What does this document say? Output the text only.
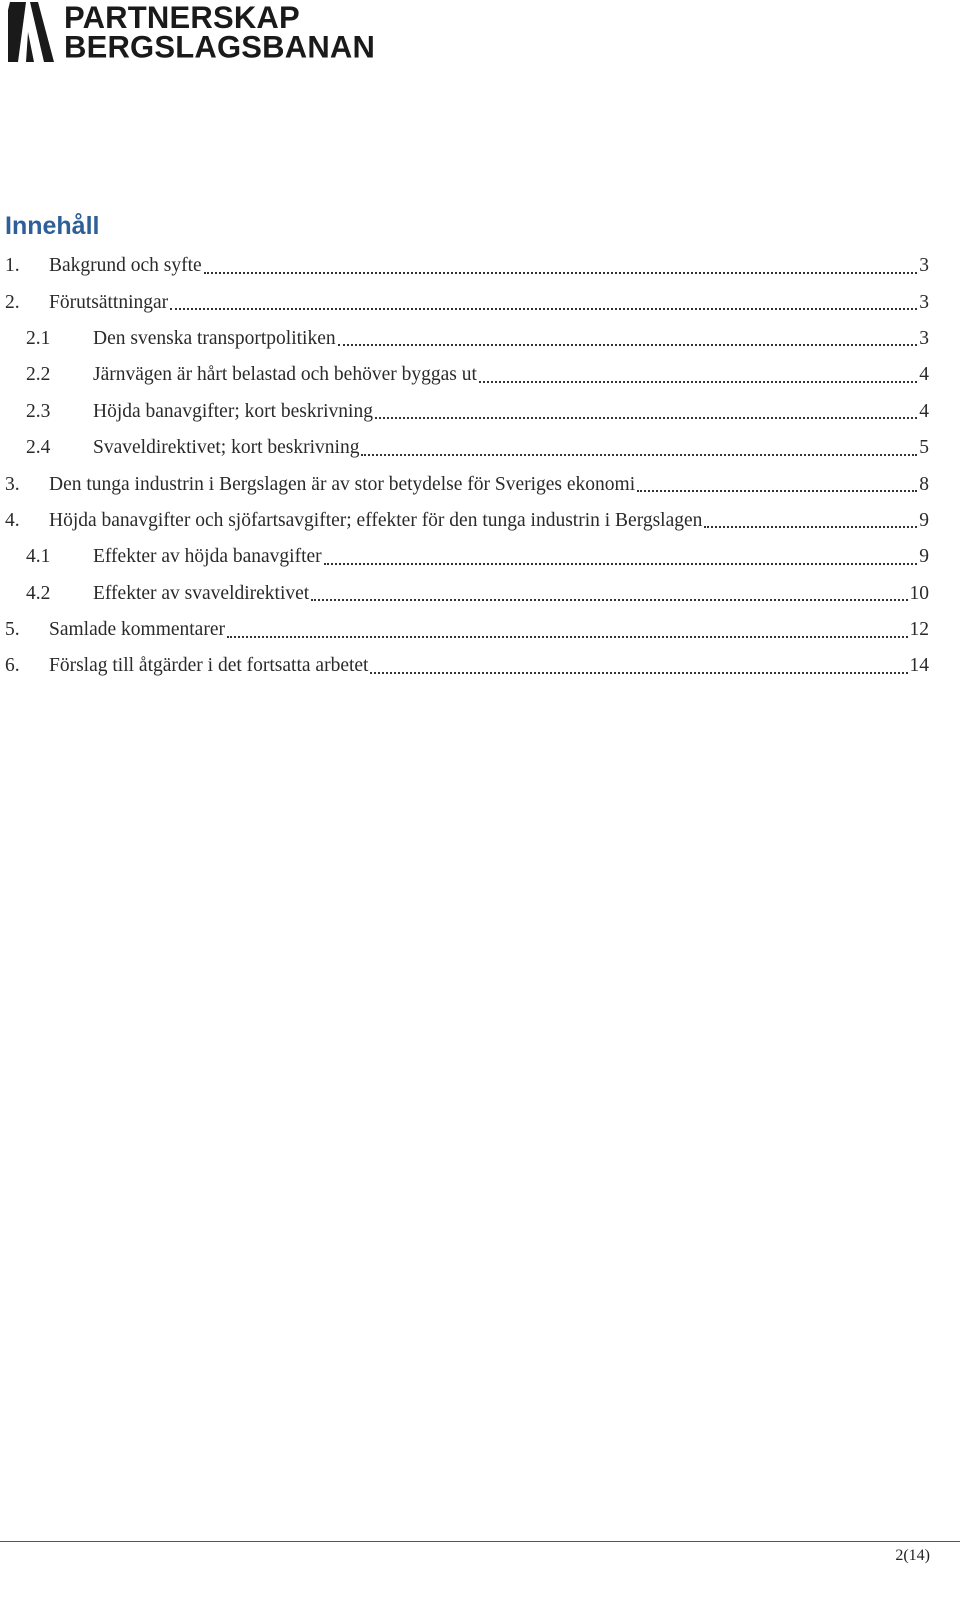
PARTNERSKAP
BERGSLAGSBANAN
Innehåll
1.	Bakgrund och syfte	3
2.	Förutsättningar	3
2.1	Den svenska transportpolitiken	3
2.2	Järnvägen är hårt belastad och behöver byggas ut	4
2.3	Höjda banavgifter; kort beskrivning	4
2.4	Svaveldirektivet; kort beskrivning	5
3.	Den tunga industrin i Bergslagen är av stor betydelse för Sveriges ekonomi	8
4.	Höjda banavgifter och sjöfartsavgifter; effekter för den tunga industrin i Bergslagen	9
4.1	Effekter av höjda banavgifter	9
4.2	Effekter av svaveldirektivet	10
5.	Samlade kommentarer	12
6.	Förslag till åtgärder i det fortsatta arbetet	14
2(14)
